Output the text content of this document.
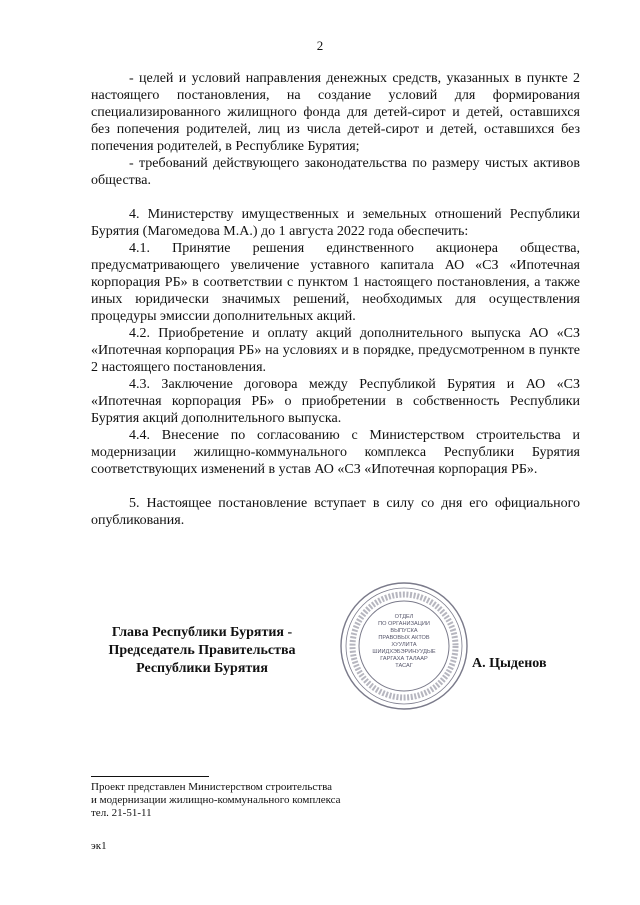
2

- целей и условий направления денежных средств, указанных в пункте 2 настоящего постановления, на создание условий для формирования специализированного жилищного фонда для детей-сирот и детей, оставшихся без попечения родителей, лиц из числа детей-сирот и детей, оставшихся без попечения родителей, в Республике Бурятия;

- требований действующего законодательства по размеру чистых активов общества.

4. Министерству имущественных и земельных отношений Республики Бурятия (Магомедова М.А.) до 1 августа 2022 года обеспечить:

4.1. Принятие решения единственного акционера общества, предусматривающего увеличение уставного капитала АО «СЗ «Ипотечная корпорация РБ» в соответствии с пунктом 1 настоящего постановления, а также иных юридически значимых решений, необходимых для осуществления процедуры эмиссии дополнительных акций.

4.2. Приобретение и оплату акций дополнительного выпуска АО «СЗ «Ипотечная корпорация РБ» на условиях и в порядке, предусмотренном в пункте 2 настоящего постановления.

4.3. Заключение договора между Республикой Бурятия и АО «СЗ «Ипотечная корпорация РБ» о приобретении в собственность Республики Бурятия акций дополнительного выпуска.

4.4. Внесение по согласованию с Министерством строительства и модернизации жилищно-коммунального комплекса Республики Бурятия соответствующих изменений в устав АО «СЗ «Ипотечная корпорация РБ».

5. Настоящее постановление вступает в силу со дня его официального опубликования.

Глава Республики Бурятия -
Председатель Правительства
Республики Бурятия
ОТДЕЛ
ПО ОРГАНИЗАЦИИ
ВЫПУСКА
ПРАВОВЫХ АКТОВ
ХУУЛИТА
ШИИДХЭБЭРИНУУДЫЕ
ГАРГАХА ТАЛААР
ТАСАГ	А. Цыденов
Проект представлен Министерством строительства
и модернизации жилищно-коммунального комплекса
тел. 21-51-11
эк1
